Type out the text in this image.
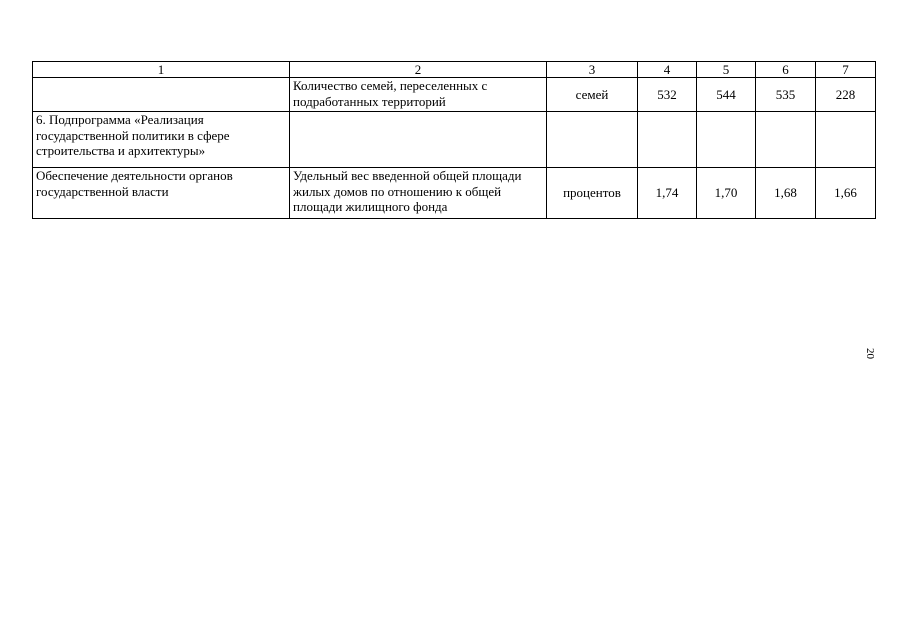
1	2	3	4	5	6	7
	Количество семей, переселенных с подработанных территорий	семей	532	544	535	228
6. Подпрограмма «Реализация государственной политики в сфере строительства и архитектуры»						
Обеспечение деятельности органов государственной власти	Удельный вес введенной общей площади жилых домов по отношению к общей площади жилищного фонда	процентов	1,74	1,70	1,68	1,66
20
